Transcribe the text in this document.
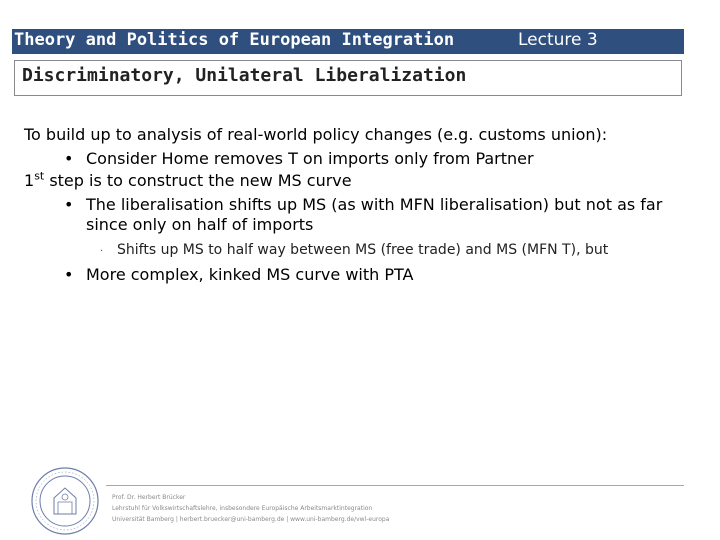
Theory and Politics of European Integration	Lecture 3
Discriminatory, Unilateral Liberalization

To build up to analysis of real-world policy changes (e.g. customs union):

• Consider Home removes T on imports only from Partner

1st step is to construct the new MS curve

• The liberalisation shifts up MS (as with MFN liberalisation) but not as far since only on half of imports

· Shifts up MS to half way between MS (free trade) and MS (MFN T), but

• More complex, kinked MS curve with PTA

Prof. Dr. Herbert Brücker
Lehrstuhl für Volkswirtschaftslehre, insbesondere Europäische Arbeitsmarktintegration
Universität Bamberg | herbert.bruecker@uni-bamberg.de | www.uni-bamberg.de/vwl-europa
